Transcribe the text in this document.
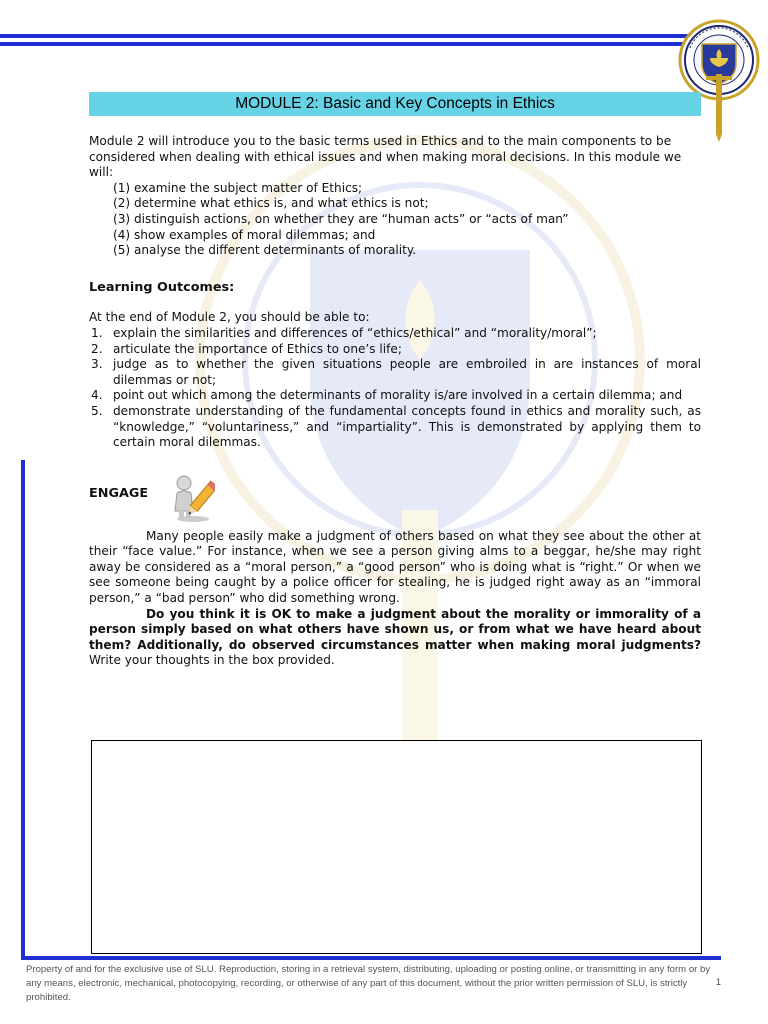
MODULE 2: Basic and Key Concepts in Ethics

Module 2 will introduce you to the basic terms used in Ethics and to the main components to be considered when dealing with ethical issues and when making moral decisions. In this module we will:

(1) examine the subject matter of Ethics;
(2) determine what ethics is, and what ethics is not;
(3) distinguish actions, on whether they are “human acts” or “acts of man”
(4) show examples of moral dilemmas; and
(5) analyse the different determinants of morality.
Learning Outcomes:

At the end of Module 2, you should be able to:

1. explain the similarities and differences of “ethics/ethical” and “morality/moral”;
2. articulate the importance of Ethics to one’s life;
3. judge as to whether the given situations people are embroiled in are instances of moral dilemmas or not;
4. point out which among the determinants of morality is/are involved in a certain dilemma; and
5. demonstrate understanding of the fundamental concepts found in ethics and morality such, as “knowledge,” “voluntariness,” and “impartiality”. This is demonstrated by applying them to certain moral dilemmas.
ENGAGE

Many people easily make a judgment of others based on what they see about the other at their “face value.” For instance, when we see a person giving alms to a beggar, he/she may right away be considered as a “moral person,” a “good person” who is doing what is “right.” Or when we see someone being caught by a police officer for stealing, he is judged right away as an “immoral person,” a “bad person” who did something wrong.

Do you think it is OK to make a judgment about the morality or immorality of a person simply based on what others have shown us, or from what we have heard about them? Additionally, do observed circumstances matter when making moral judgments? Write your thoughts in the box provided.

Property of and for the exclusive use of SLU. Reproduction, storing in a retrieval system, distributing, uploading or posting online, or transmitting in any form or by any means, electronic, mechanical, photocopying, recording, or otherwise of any part of this document, without the prior written permission of SLU, is strictly prohibited.
1
